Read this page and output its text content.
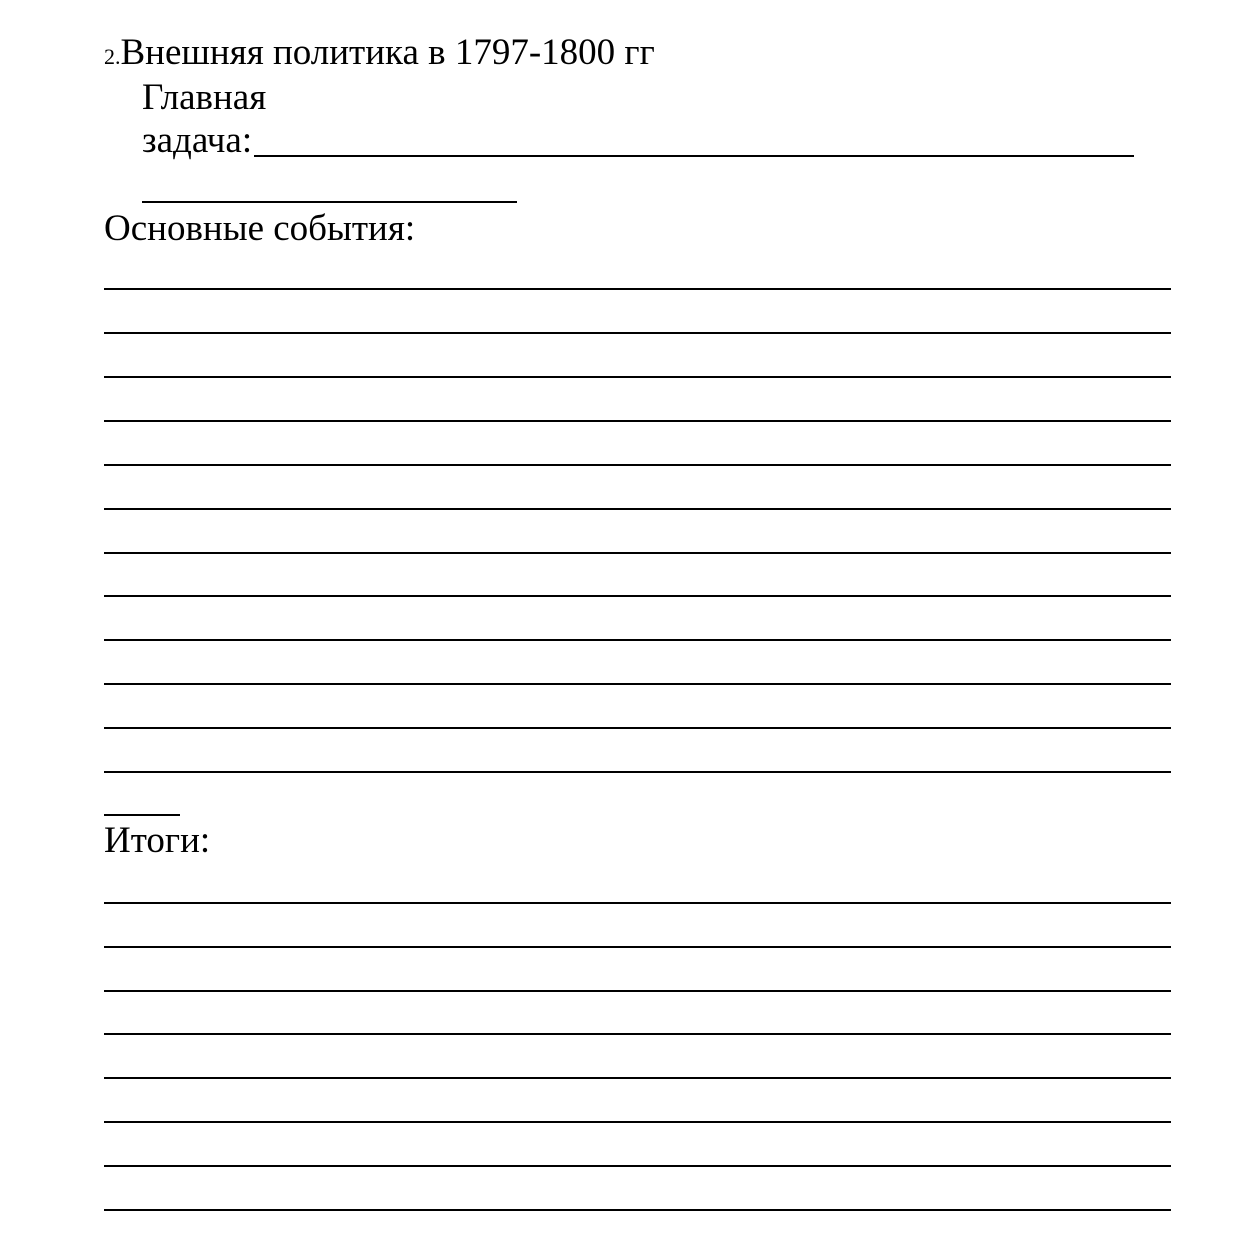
2.Внешняя политика в 1797-1800 гг
Главная
задача:
Основные события:
Итоги:
